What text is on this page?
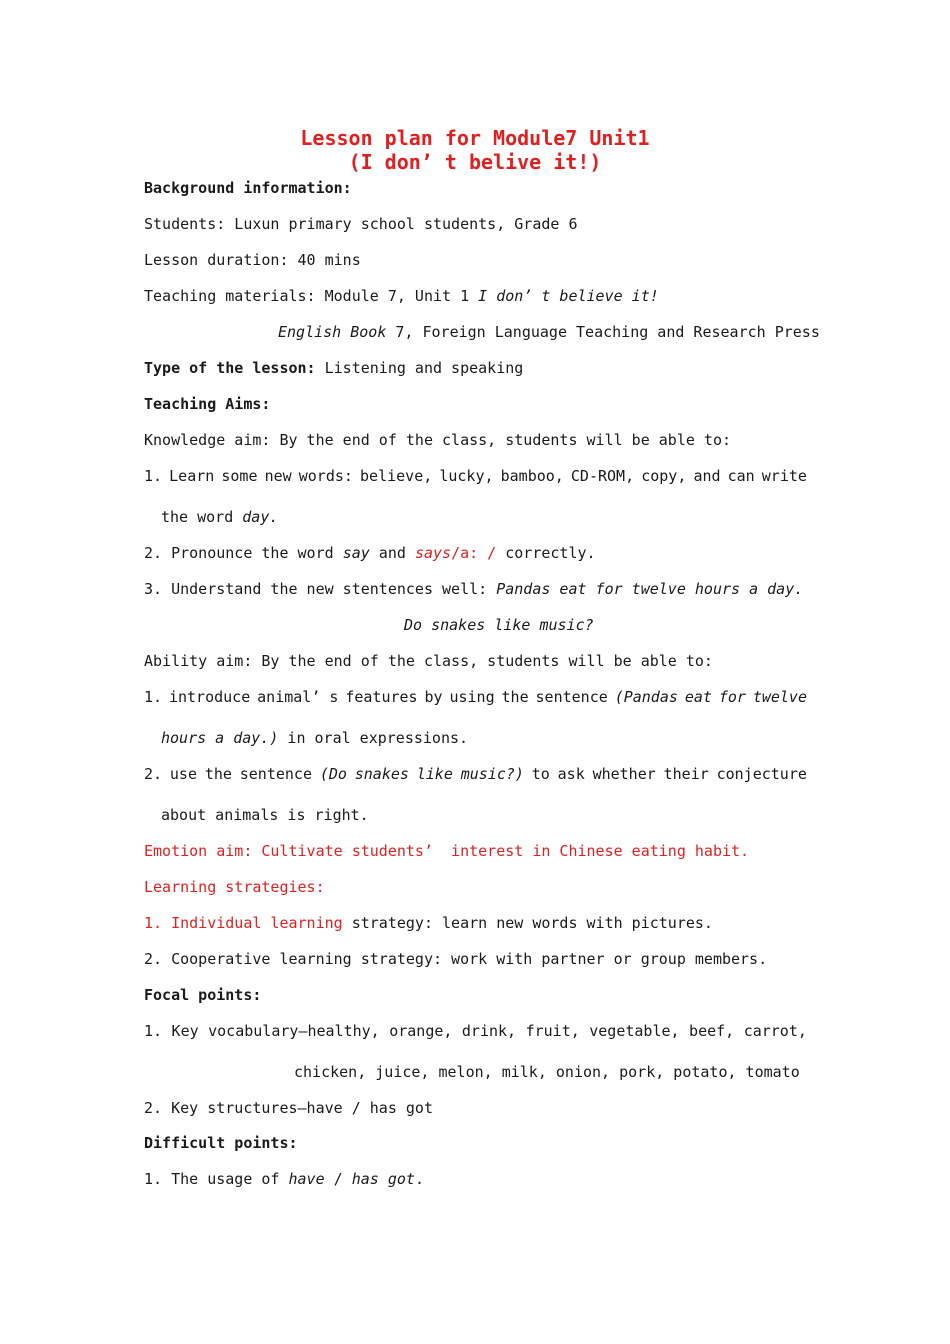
Lesson plan for Module7 Unit1
(I don’ t belive it!)
Background information:
Students: Luxun primary school students, Grade 6
Lesson duration: 40 mins
Teaching materials: Module 7, Unit 1 I don’ t believe it!
English Book 7, Foreign Language Teaching and Research Press
Type of the lesson: Listening and speaking
Teaching Aims:
Knowledge aim: By the end of the class, students will be able to:
1. Learn some new words: believe, lucky, bamboo, CD-ROM, copy, and can write
the word day.
2. Pronounce the word say and says/a: / correctly.
3. Understand the new stentences well: Pandas eat for twelve hours a day.
Do snakes like music?
Ability aim: By the end of the class, students will be able to:
1. introduce animal’ s features by using the sentence (Pandas eat for twelve
hours a day.) in oral expressions.
2. use the sentence (Do snakes like music?) to ask whether their conjecture
about animals is right.
Emotion aim: Cultivate students’  interest in Chinese eating habit.
Learning strategies:
1. Individual learning strategy: learn new words with pictures.
2. Cooperative learning strategy: work with partner or group members.
Focal points:
1. Key vocabulary—healthy, orange, drink, fruit, vegetable, beef, carrot,
chicken, juice, melon, milk, onion, pork, potato, tomato
2. Key structures—have / has got
Difficult points:
1. The usage of have / has got.
